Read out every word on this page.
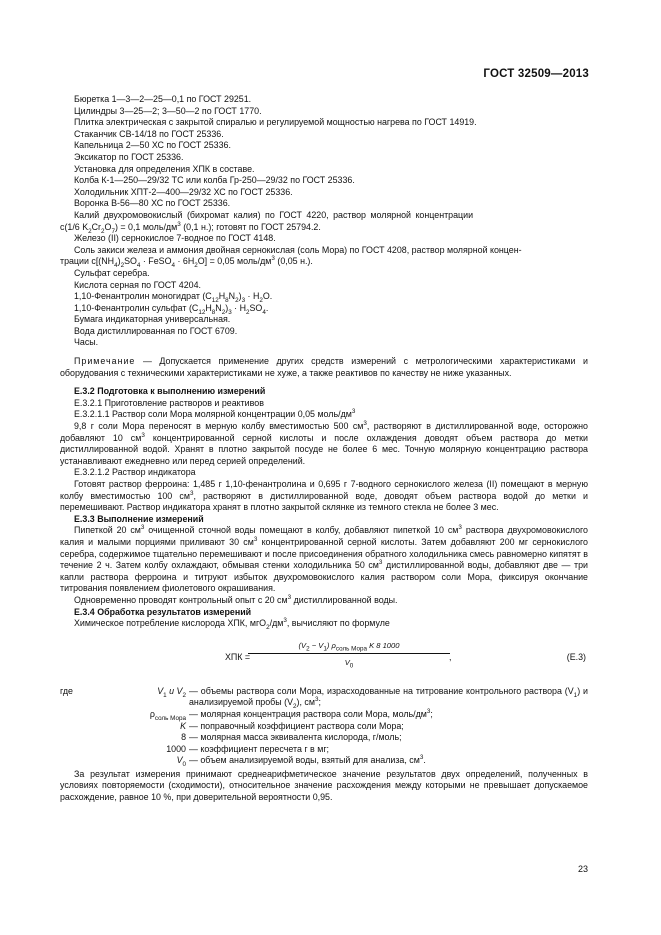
ГОСТ 32509—2013
Бюретка 1—3—2—25—0,1 по ГОСТ 29251.
Цилиндры 3—25—2; 3—50—2 по ГОСТ 1770.
Плитка электрическая с закрытой спиралью и регулируемой мощностью нагрева по ГОСТ 14919.
Стаканчик СВ-14/18 по ГОСТ 25336.
Капельница 2—50 ХС по ГОСТ 25336.
Эксикатор по ГОСТ 25336.
Установка для определения ХПК в составе.
Колба К-1—250—29/32 ТС или колба Гр-250—29/32 по ГОСТ 25336.
Холодильник ХПТ-2—400—29/32 ХС по ГОСТ 25336.
Воронка В-56—80 ХС по ГОСТ 25336.
Калий двухромовокислый (бихромат калия) по ГОСТ 4220, раствор молярной концентрации
c(1/6 $K_2Cr_2O_7) = 0,1$ моль/$дм^3$ (0,1 н.); готовят по ГОСТ 25794.2.
Железо (II) сернокислое 7-водное по ГОСТ 4148.
Соль закиси железа и аммония двойная сернокислая (соль Мора) по ГОСТ 4208, раствор молярной концен-
трации $c[(NH_4)_2SO_4$ · FeSO$_4$ · $6H_2O] = 0,05$ моль/$дм^3$ (0,05 н.).
Сульфат серебра.
Кислота серная по ГОСТ 4204.
1,10-Фенантролин моногидрат $(C_{12}H_8N_2)_3 \cdot H_2O$.
1,10-Фенантролин сульфат $(C_{12}H_8N_2)_3 \cdot H_2SO_4$.
Бумага индикаторная универсальная.
Вода дистиллированная по ГОСТ 6709.
Часы.
Примечание — Допускается применение других средств измерений с метрологическими характеристиками и оборудования с техническими характеристиками не хуже, а также реактивов по качеству не ниже указанных.
Е.3.2 Подготовка к выполнению измерений
Е.3.2.1 Приготовление растворов и реактивов
Е.3.2.1.1 Раствор соли Мора молярной концентрации 0,05 моль/$дм^3$
9,8 г соли Мора переносят в мерную колбу вместимостью 500 $см^3$, растворяют в дистиллированной воде, осторожно добавляют 10 $см^3$ концентрированной серной кислоты и после охлаждения доводят объем раствора до метки дистиллированной водой. Хранят в плотно закрытой посуде не более 6 мес. Точную молярную концентрацию раствора устанавливают ежедневно или перед серией определений.
Е.3.2.1.2 Раствор индикатора
Готовят раствор ферроина: 1,485 г 1,10-фенантролина и 0,695 г 7-водного сернокислого железа (II) помещают в мерную колбу вместимостью 100 $см^3$, растворяют в дистиллированной воде, доводят объем раствора водой до метки и перемешивают. Раствор индикатора хранят в плотно закрытой склянке из темного стекла не более 3 мес.
Е.3.3 Выполнение измерений
Пипеткой 20 $см^3$ очищенной сточной воды помещают в колбу, добавляют пипеткой 10 $см^3$ раствора двухромовокислого калия и малыми порциями приливают 30 $см^3$ концентрированной серной кислоты. Затем добавляют 200 мг сернокислого серебра, содержимое тщательно перемешивают и после присоединения обратного холодильника смесь равномерно кипятят в течение 2 ч. Затем колбу охлаждают, обмывая стенки холодильника 50 $см^3$ дистиллированной воды, добавляют две — три капли раствора ферроина и титруют избыток двухромовокислого калия раствором соли Мора, фиксируя окончание титрования появлением фиолетового окрашивания.
Одновременно проводят контрольный опыт с 20 $см^3$ дистиллированной воды.
Е.3.4 Обработка результатов измерений
Химическое потребление кислорода ХПК, $мгО_2/дм^3$, вычисляют по формуле
ХПК =
$(V_2 - V_1)$ $\rho_{соль Мора}$ K 8 1000
$V_0$
,	(Е.3)
где	$V_1$ и $V_2$ — объемы раствора соли Мора, израсходованные на титрование контрольного раствора $(V_1)$ и анализируемой пробы $(V_2)$, $см^3$;
$\rho_{соль Мора}$ — молярная концентрация раствора соли Мора, моль/$дм^3$;
K — поправочный коэффициент раствора соли Мора;
8 — молярная масса эквивалента кислорода, г/моль;
1000 — коэффициент пересчета г в мг;
$V_0$ — объем анализируемой воды, взятый для анализа, $см^3$.
За результат измерения принимают среднеарифметическое значение результатов двух определений, полученных в условиях повторяемости (сходимости), относительное значение расхождения между которыми не превышает допускаемое расхождение, равное 10 %, при доверительной вероятности 0,95.
23
